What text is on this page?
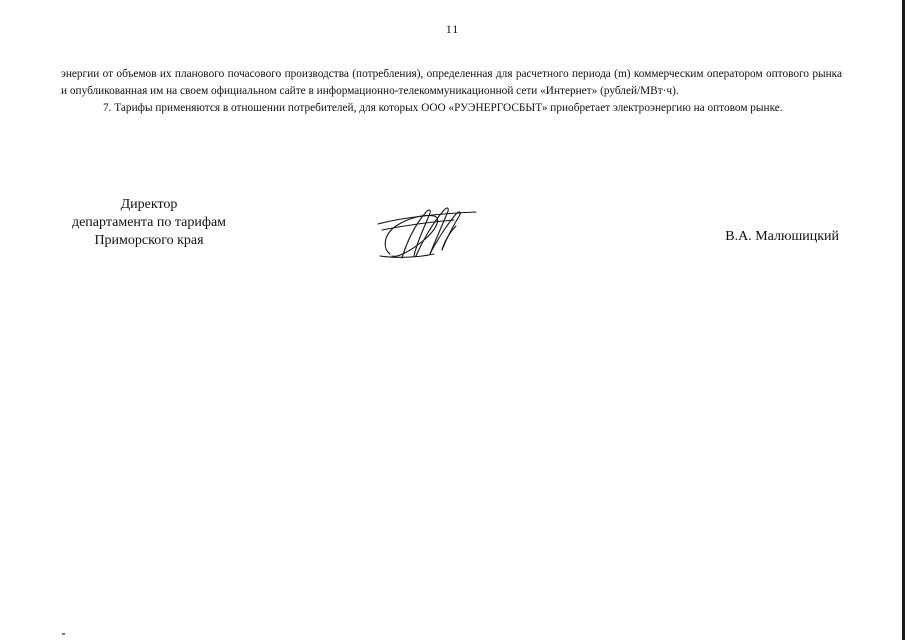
11

энергии от объемов их планового почасового производства (потребления), определенная для расчетного периода (m) коммерческим оператором оптового рынка и опубликованная им на своем официальном сайте в информационно-телекоммуникационной сети «Интернет» (рублей/МВт·ч).

7. Тарифы применяются в отношении потребителей, для которых ООО «РУЭНЕРГОСБЫТ» приобретает электроэнергию на оптовом рынке.

Директор
департамента по тарифам
Приморского края	В.А. Малюшицкий
